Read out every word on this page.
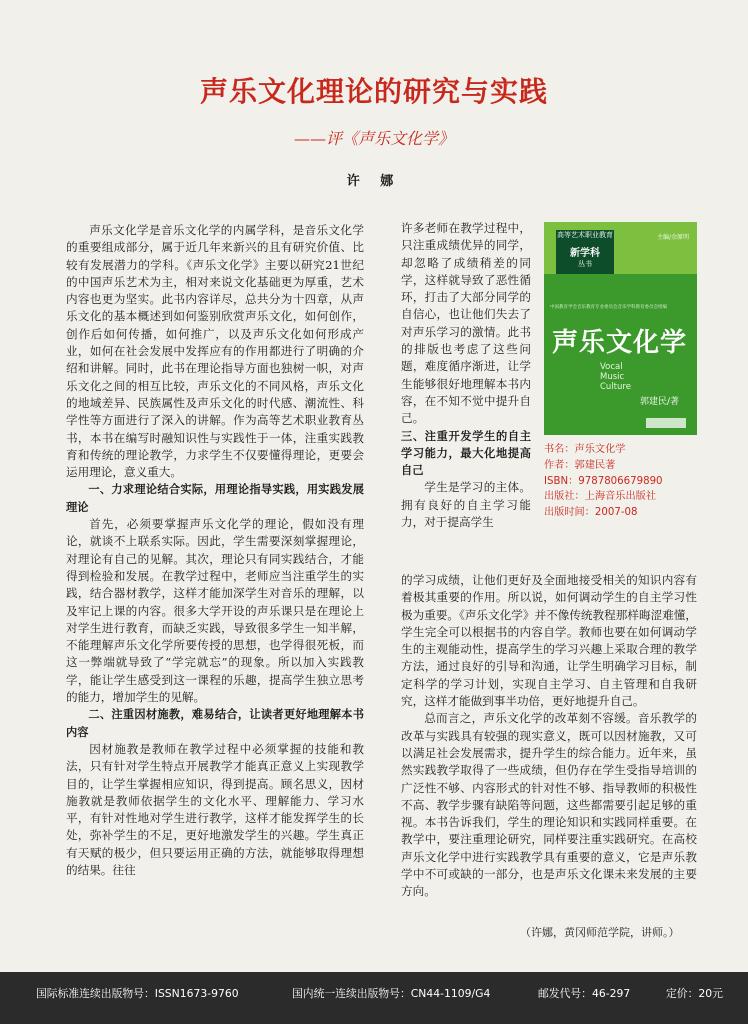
声乐文化理论的研究与实践
——评《声乐文化学》
许 娜

声乐文化学是音乐文化学的内属学科，是音乐文化学的重要组成部分，属于近几年来新兴的且有研究价值、比较有发展潜力的学科。《声乐文化学》主要以研究21世纪的中国声乐艺术为主，相对来说文化基础更为厚重，艺术内容也更为坚实。此书内容详尽，总共分为十四章，从声乐文化的基本概述到如何鉴别欣赏声乐文化，如何创作，创作后如何传播，如何推广，以及声乐文化如何形成产业，如何在社会发展中发挥应有的作用都进行了明确的介绍和讲解。同时，此书在理论指导方面也独树一帜，对声乐文化之间的相互比较，声乐文化的不同风格，声乐文化的地域差异、民族属性及声乐文化的时代感、潮流性、科学性等方面进行了深入的讲解。作为高等艺术职业教育丛书，本书在编写时融知识性与实践性于一体，注重实践教育和传统的理论教学，力求学生不仅要懂得理论，更要会运用理论，意义重大。

一、力求理论结合实际，用理论指导实践，用实践发展理论

首先，必须要掌握声乐文化学的理论，假如没有理论，就谈不上联系实际。因此，学生需要深刻掌握理论，对理论有自己的见解。其次，理论只有同实践结合，才能得到检验和发展。在教学过程中，老师应当注重学生的实践，结合器材教学，这样才能加深学生对音乐的理解，以及牢记上课的内容。很多大学开设的声乐课只是在理论上对学生进行教育，而缺乏实践，导致很多学生一知半解，不能理解声乐文化学所要传授的思想，也学得很死板，而这一弊端就导致了“学完就忘”的现象。所以加入实践教学，能让学生感受到这一课程的乐趣，提高学生独立思考的能力，增加学生的见解。

二、注重因材施教，难易结合，让读者更好地理解本书内容

因材施教是教师在教学过程中必须掌握的技能和教法，只有针对学生特点开展教学才能真正意义上实现教学目的，让学生掌握相应知识，得到提高。顾名思义，因材施教就是教师依据学生的文化水平、理解能力、学习水平，有针对性地对学生进行教学，这样才能发挥学生的长处，弥补学生的不足，更好地激发学生的兴趣。学生真正有天赋的极少，但只要运用正确的方法，就能够取得理想的结果。往往

许多老师在教学过程中，只注重成绩优异的同学，却忽略了成绩稍差的同学，这样就导致了恶性循环，打击了大部分同学的自信心，也让他们失去了对声乐学习的激情。此书的排版也考虑了这些问题，难度循序渐进，让学生能够很好地理解本书内容，在不知不觉中提升自己。

三、注重开发学生的自主学习能力，最大化地提高自己

学生是学习的主体。拥有良好的自主学习能力，对于提高学生

的学习成绩，让他们更好及全面地接受相关的知识内容有着极其重要的作用。所以说，如何调动学生的自主学习性极为重要。《声乐文化学》并不像传统教程那样晦涩难懂，学生完全可以根据书的内容自学。教师也要在如何调动学生的主观能动性，提高学生的学习兴趣上采取合理的教学方法，通过良好的引导和沟通，让学生明确学习目标，制定科学的学习计划，实现自主学习、自主管理和自我研究，这样才能做到事半功倍，更好地提升自己。

总而言之，声乐文化学的改革刻不容缓。音乐教学的改革与实践具有较强的现实意义，既可以因材施教，又可以满足社会发展需求，提升学生的综合能力。近年来，虽然实践教学取得了一些成绩，但仍存在学生受指导培训的广泛性不够、内容形式的针对性不够、指导教师的积极性不高、教学步骤有缺陷等问题，这些都需要引起足够的重视。本书告诉我们，学生的理论知识和实践同样重要。在教学中，要注重理论研究，同样要注重实践研究。在高校声乐文化学中进行实践教学具有重要的意义，它是声乐教学中不可或缺的一部分，也是声乐文化课未来发展的主要方向。

高等艺术职业教育
新学科
丛书
主编/余原明
中国教育学会音乐教育专业委员会音乐学科教育委员会组编
声乐文化学
Vocal
Music
Culture
郭建民/著
书名：声乐文化学
作者：郭建民著
ISBN：9787806679890
出版社：上海音乐出版社
出版时间：2007-08
（许娜，黄冈师范学院，讲师。）
国际标准连续出版物号：ISSN1673-9760	国内统一连续出版物号：CN44-1109/G4	邮发代号：46-297	定价：20元
